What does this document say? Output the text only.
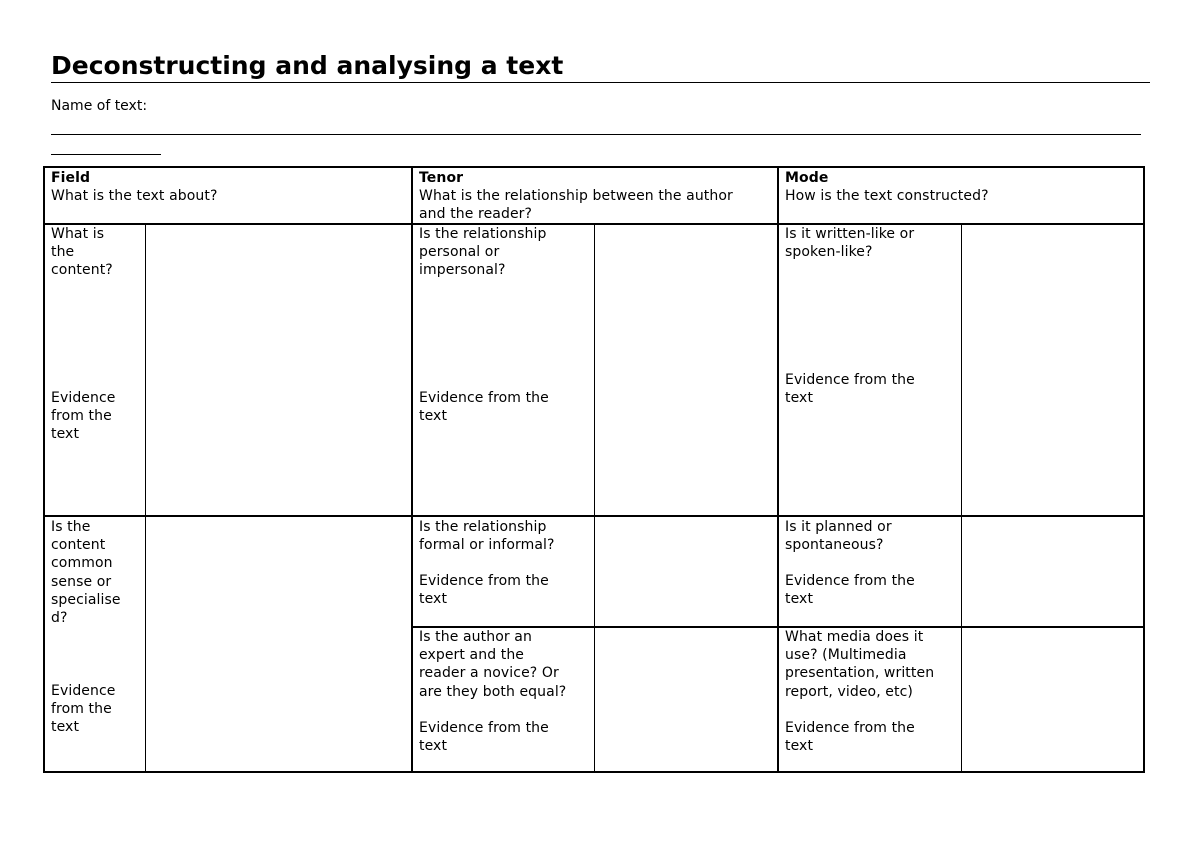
Deconstructing and analysing a text
Name of text:
Field
What is the text about?
Tenor
What is the relationship between the author
and the reader?
Mode
How is the text constructed?
What is
the
content?
Evidence
from the
text
Is the
content
common
sense or
specialise
d?
Evidence
from the
text
Is the relationship
personal or
impersonal?
Evidence from the
text
Is the relationship
formal or informal?
Evidence from the
text
Is the author an
expert and the
reader a novice? Or
are they both equal?
Evidence from the
text
Is it written-like or
spoken-like?
Evidence from the
text
Is it planned or
spontaneous?
Evidence from the
text
What media does it
use? (Multimedia
presentation, written
report, video, etc)
Evidence from the
text
